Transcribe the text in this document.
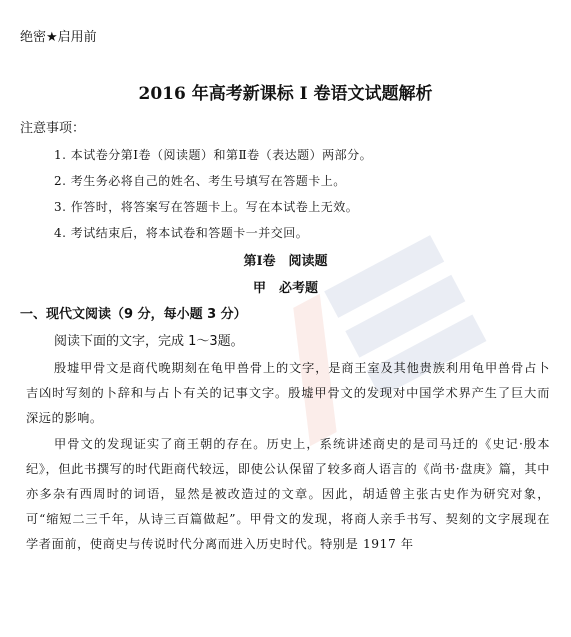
绝密★启用前
2016 年高考新课标 I 卷语文试题解析
注意事项：
1. 本试卷分第Ⅰ卷（阅读题）和第Ⅱ卷（表达题）两部分。
2. 考生务必将自己的姓名、考生号填写在答题卡上。
3. 作答时，将答案写在答题卡上。写在本试卷上无效。
4. 考试结束后，将本试卷和答题卡一并交回。
第Ⅰ卷　阅读题
甲　必考题
一、现代文阅读（9 分，每小题 3 分）
阅读下面的文字，完成 1～3题。
殷墟甲骨文是商代晚期刻在龟甲兽骨上的文字，是商王室及其他贵族利用龟甲兽骨占卜吉凶时写刻的卜辞和与占卜有关的记事文字。殷墟甲骨文的发现对中国学术界产生了巨大而深远的影响。
甲骨文的发现证实了商王朝的存在。历史上，系统讲述商史的是司马迁的《史记·殷本纪》，但此书撰写的时代距商代较远，即使公认保留了较多商人语言的《尚书·盘庚》篇，其中亦多杂有西周时的词语，显然是被改造过的文章。因此，胡适曾主张古史作为研究对象，可“缩短二三千年，从诗三百篇做起”。甲骨文的发现，将商人亲手书写、契刻的文字展现在学者面前，使商史与传说时代分离而进入历史时代。特别是 1917 年
